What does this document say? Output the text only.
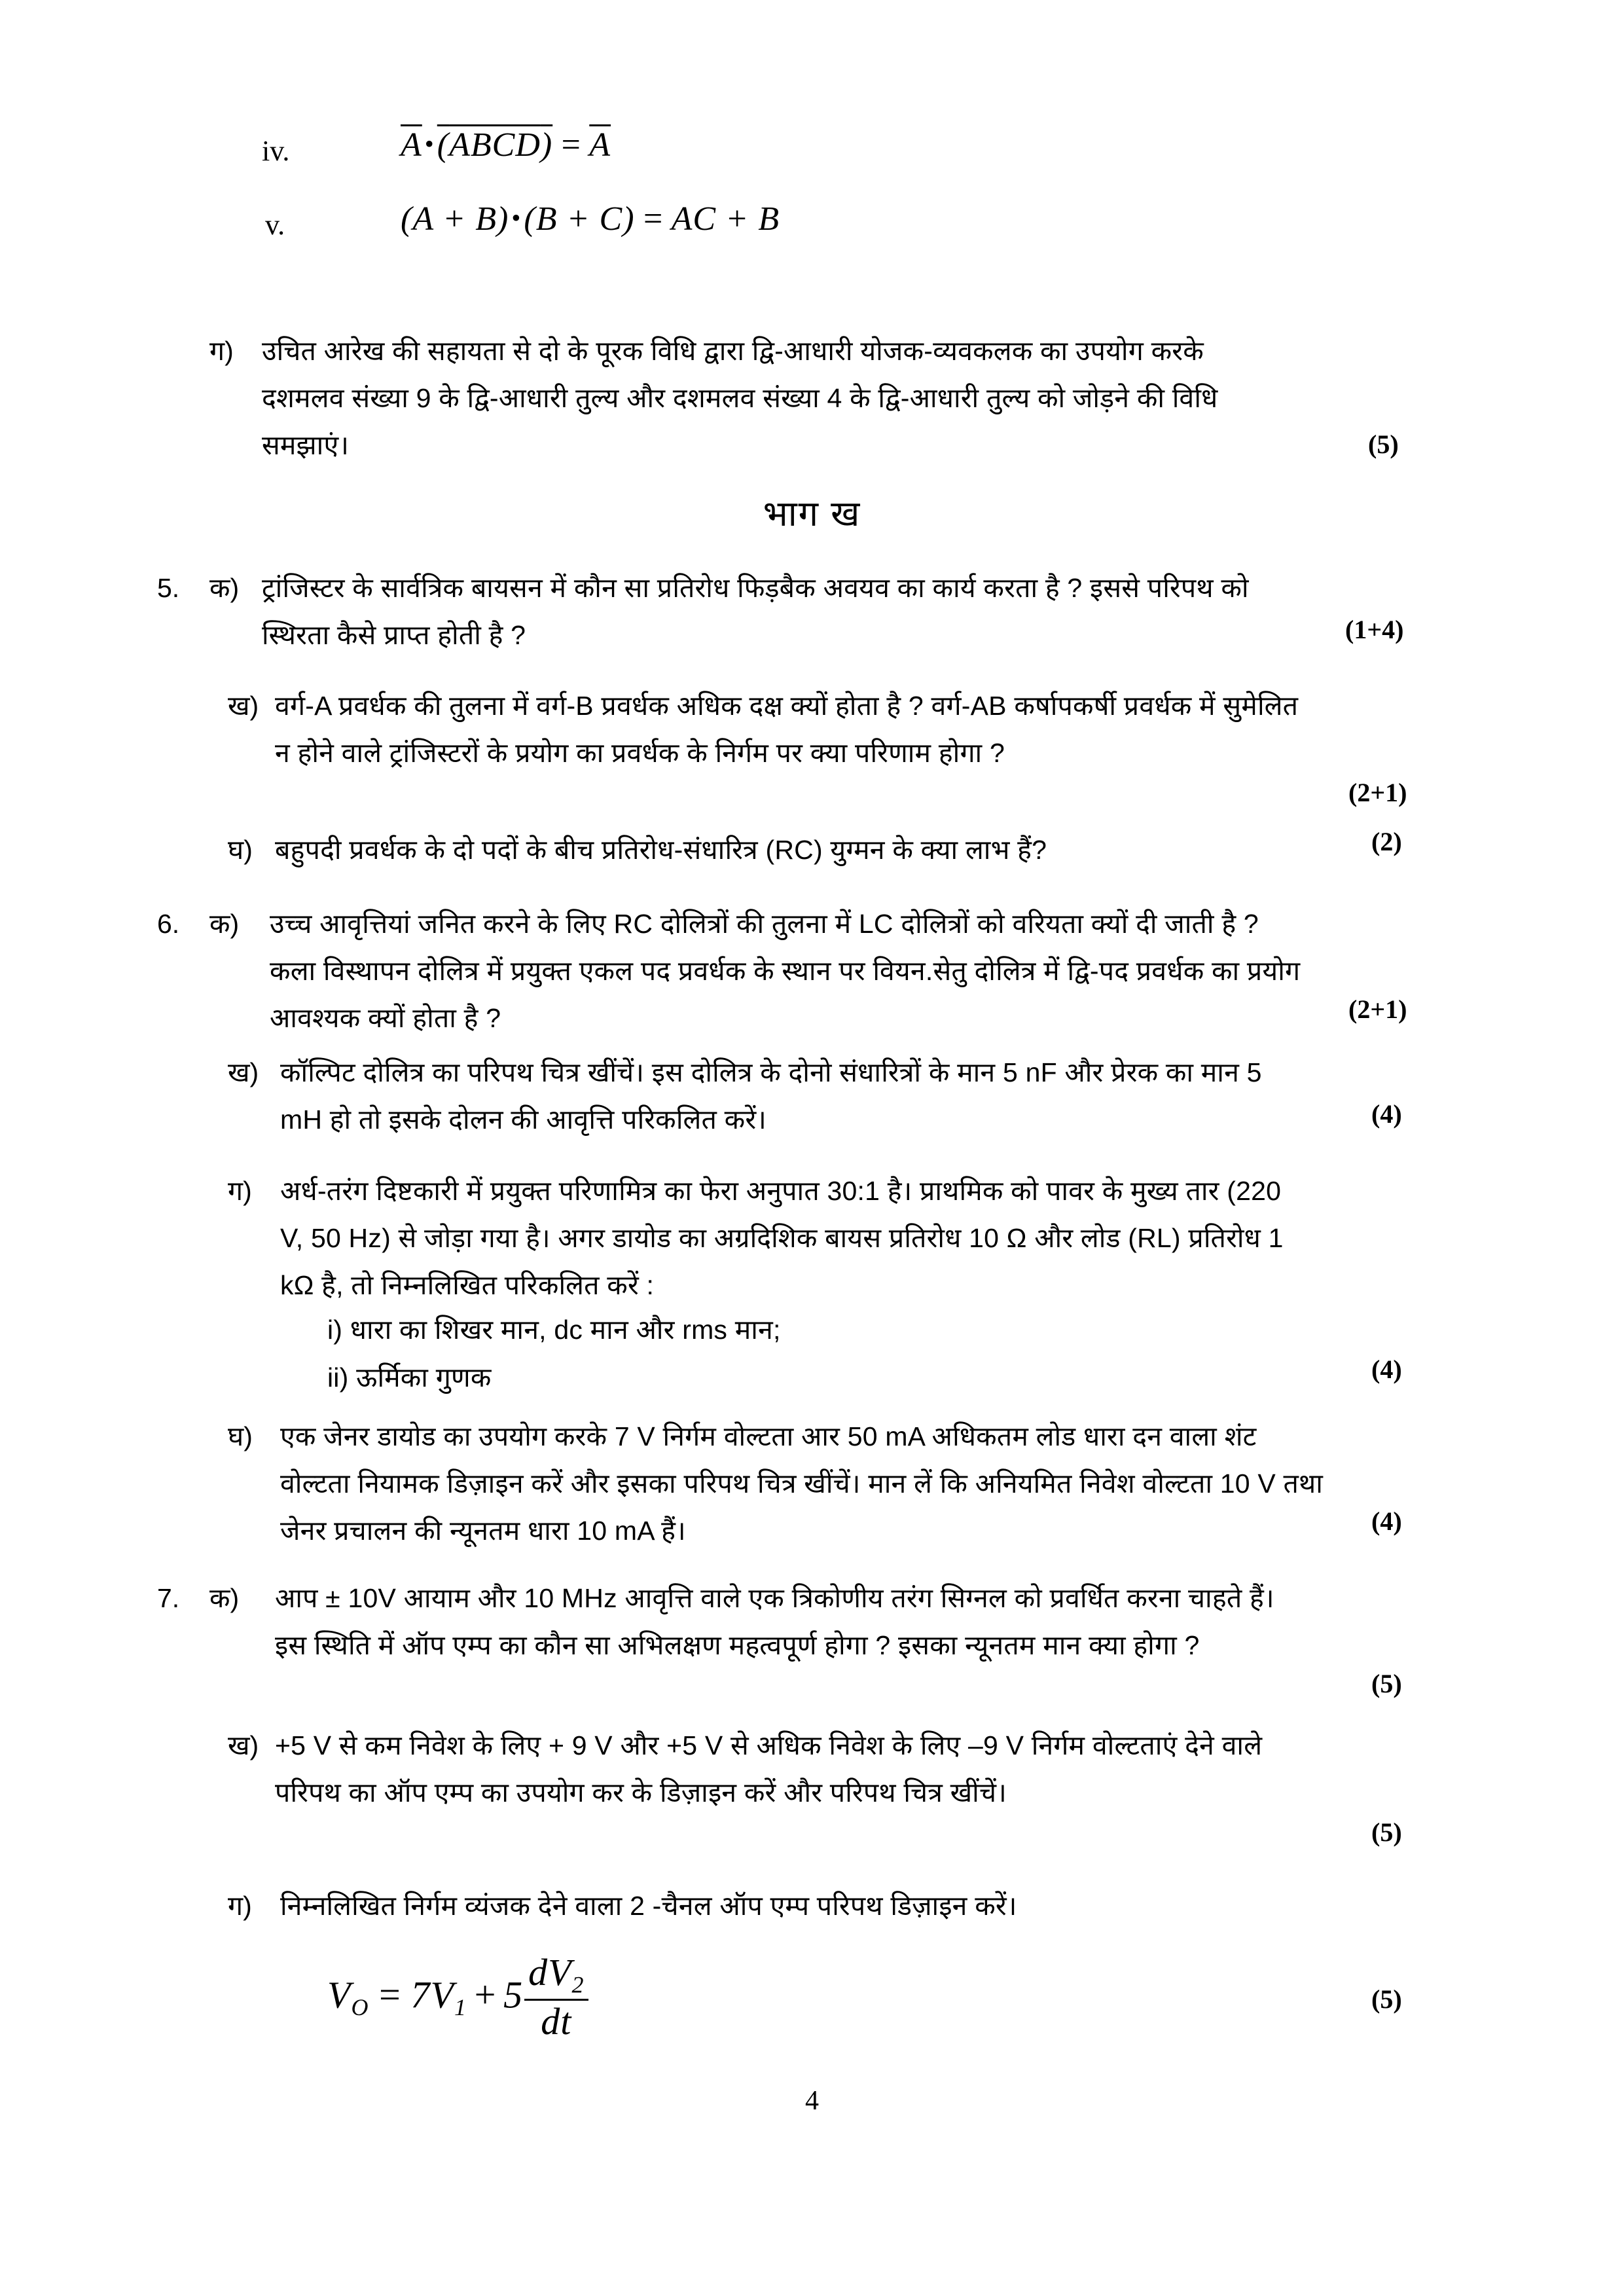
iv.	$\overline{A}$ •(ABCD) = $\overline{A}$
v.	(A + B) •(B + C) = AC + B
ग) उचित आरेख की सहायता से दो के पूरक विधि द्वारा द्वि-आधारी योजक-व्यवकलक का उपयोग करके दशमलव संख्या 9 के द्वि-आधारी तुल्य और दशमलव संख्या 4 के द्वि-आधारी तुल्य को जोड़ने की विधि समझाएं।	(5)
भाग ख
5. क) ट्रांजिस्टर के सार्वत्रिक बायसन में कौन सा प्रतिरोध फिड़बैक अवयव का कार्य करता है ? इससे परिपथ को स्थिरता कैसे प्राप्त होती है ?	(1+4)
ख) वर्ग-A प्रवर्धक की तुलना में वर्ग-B प्रवर्धक अधिक दक्ष क्यों होता है ? वर्ग-AB कर्षापकर्षी प्रवर्धक में सुमेलित न होने वाले ट्रांजिस्टरों के प्रयोग का प्रवर्धक के निर्गम पर क्या परिणाम होगा ?
(2+1)
घ) बहुपदी प्रवर्धक के दो पदों के बीच प्रतिरोध-संधारित्र (RC) युग्मन के क्या लाभ हैं?	(2)
6. क) उच्च आवृत्तियां जनित करने के लिए RC दोलित्रों की तुलना में LC दोलित्रों को वरियता क्यों दी जाती है ? कला विस्थापन दोलित्र में प्रयुक्त एकल पद प्रवर्धक के स्थान पर वियन.सेतु दोलित्र में द्वि-पद प्रवर्धक का प्रयोग आवश्यक क्यों होता है ?	(2+1)
ख) कॉल्पिट दोलित्र का परिपथ चित्र खींचें। इस दोलित्र के दोनो संधारित्रों के मान 5 nF और प्रेरक का मान 5 mH हो तो इसके दोलन की आवृत्ति परिकलित करें।	(4)
ग) अर्ध-तरंग दिष्टकारी में प्रयुक्त परिणामित्र का फेरा अनुपात 30:1 है। प्राथमिक को पावर के मुख्य तार (220 V, 50 Hz) से जोड़ा गया है। अगर डायोड का अग्रदिशिक बायस प्रतिरोध 10 Ω और लोड (RL) प्रतिरोध 1 kΩ है, तो निम्नलिखित परिकलित करें :
i) धारा का शिखर मान, dc मान और rms मान;
ii) ऊर्मिका गुणक	(4)
घ) एक जेनर डायोड का उपयोग करके 7 V निर्गम वोल्टता आर 50 mA अधिकतम लोड धारा दन वाला शंट वोल्टता नियामक डिज़ाइन करें और इसका परिपथ चित्र खींचें। मान लें कि अनियमित निवेश वोल्टता 10 V तथा जेनर प्रचालन की न्यूनतम धारा 10 mA हैं।	(4)
7. क) आप ± 10V आयाम और 10 MHz आवृत्ति वाले एक त्रिकोणीय तरंग सिग्नल को प्रवर्धित करना चाहते हैं। इस स्थिति में ऑप एम्प का कौन सा अभिलक्षण महत्वपूर्ण होगा ? इसका न्यूनतम मान क्या होगा ?
(5)
ख) +5 V से कम निवेश के लिए + 9 V और +5 V से अधिक निवेश के लिए –9 V निर्गम वोल्टताएं देने वाले परिपथ का ऑप एम्प का उपयोग कर के डिज़ाइन करें और परिपथ चित्र खींचें।
(5)
ग) निम्नलिखित निर्गम व्यंजक देने वाला 2 -चैनल ऑप एम्प परिपथ डिज़ाइन करें।
$V_O = 7V_1 + 5 \frac{dV_2}{dt}$	(5)
4
